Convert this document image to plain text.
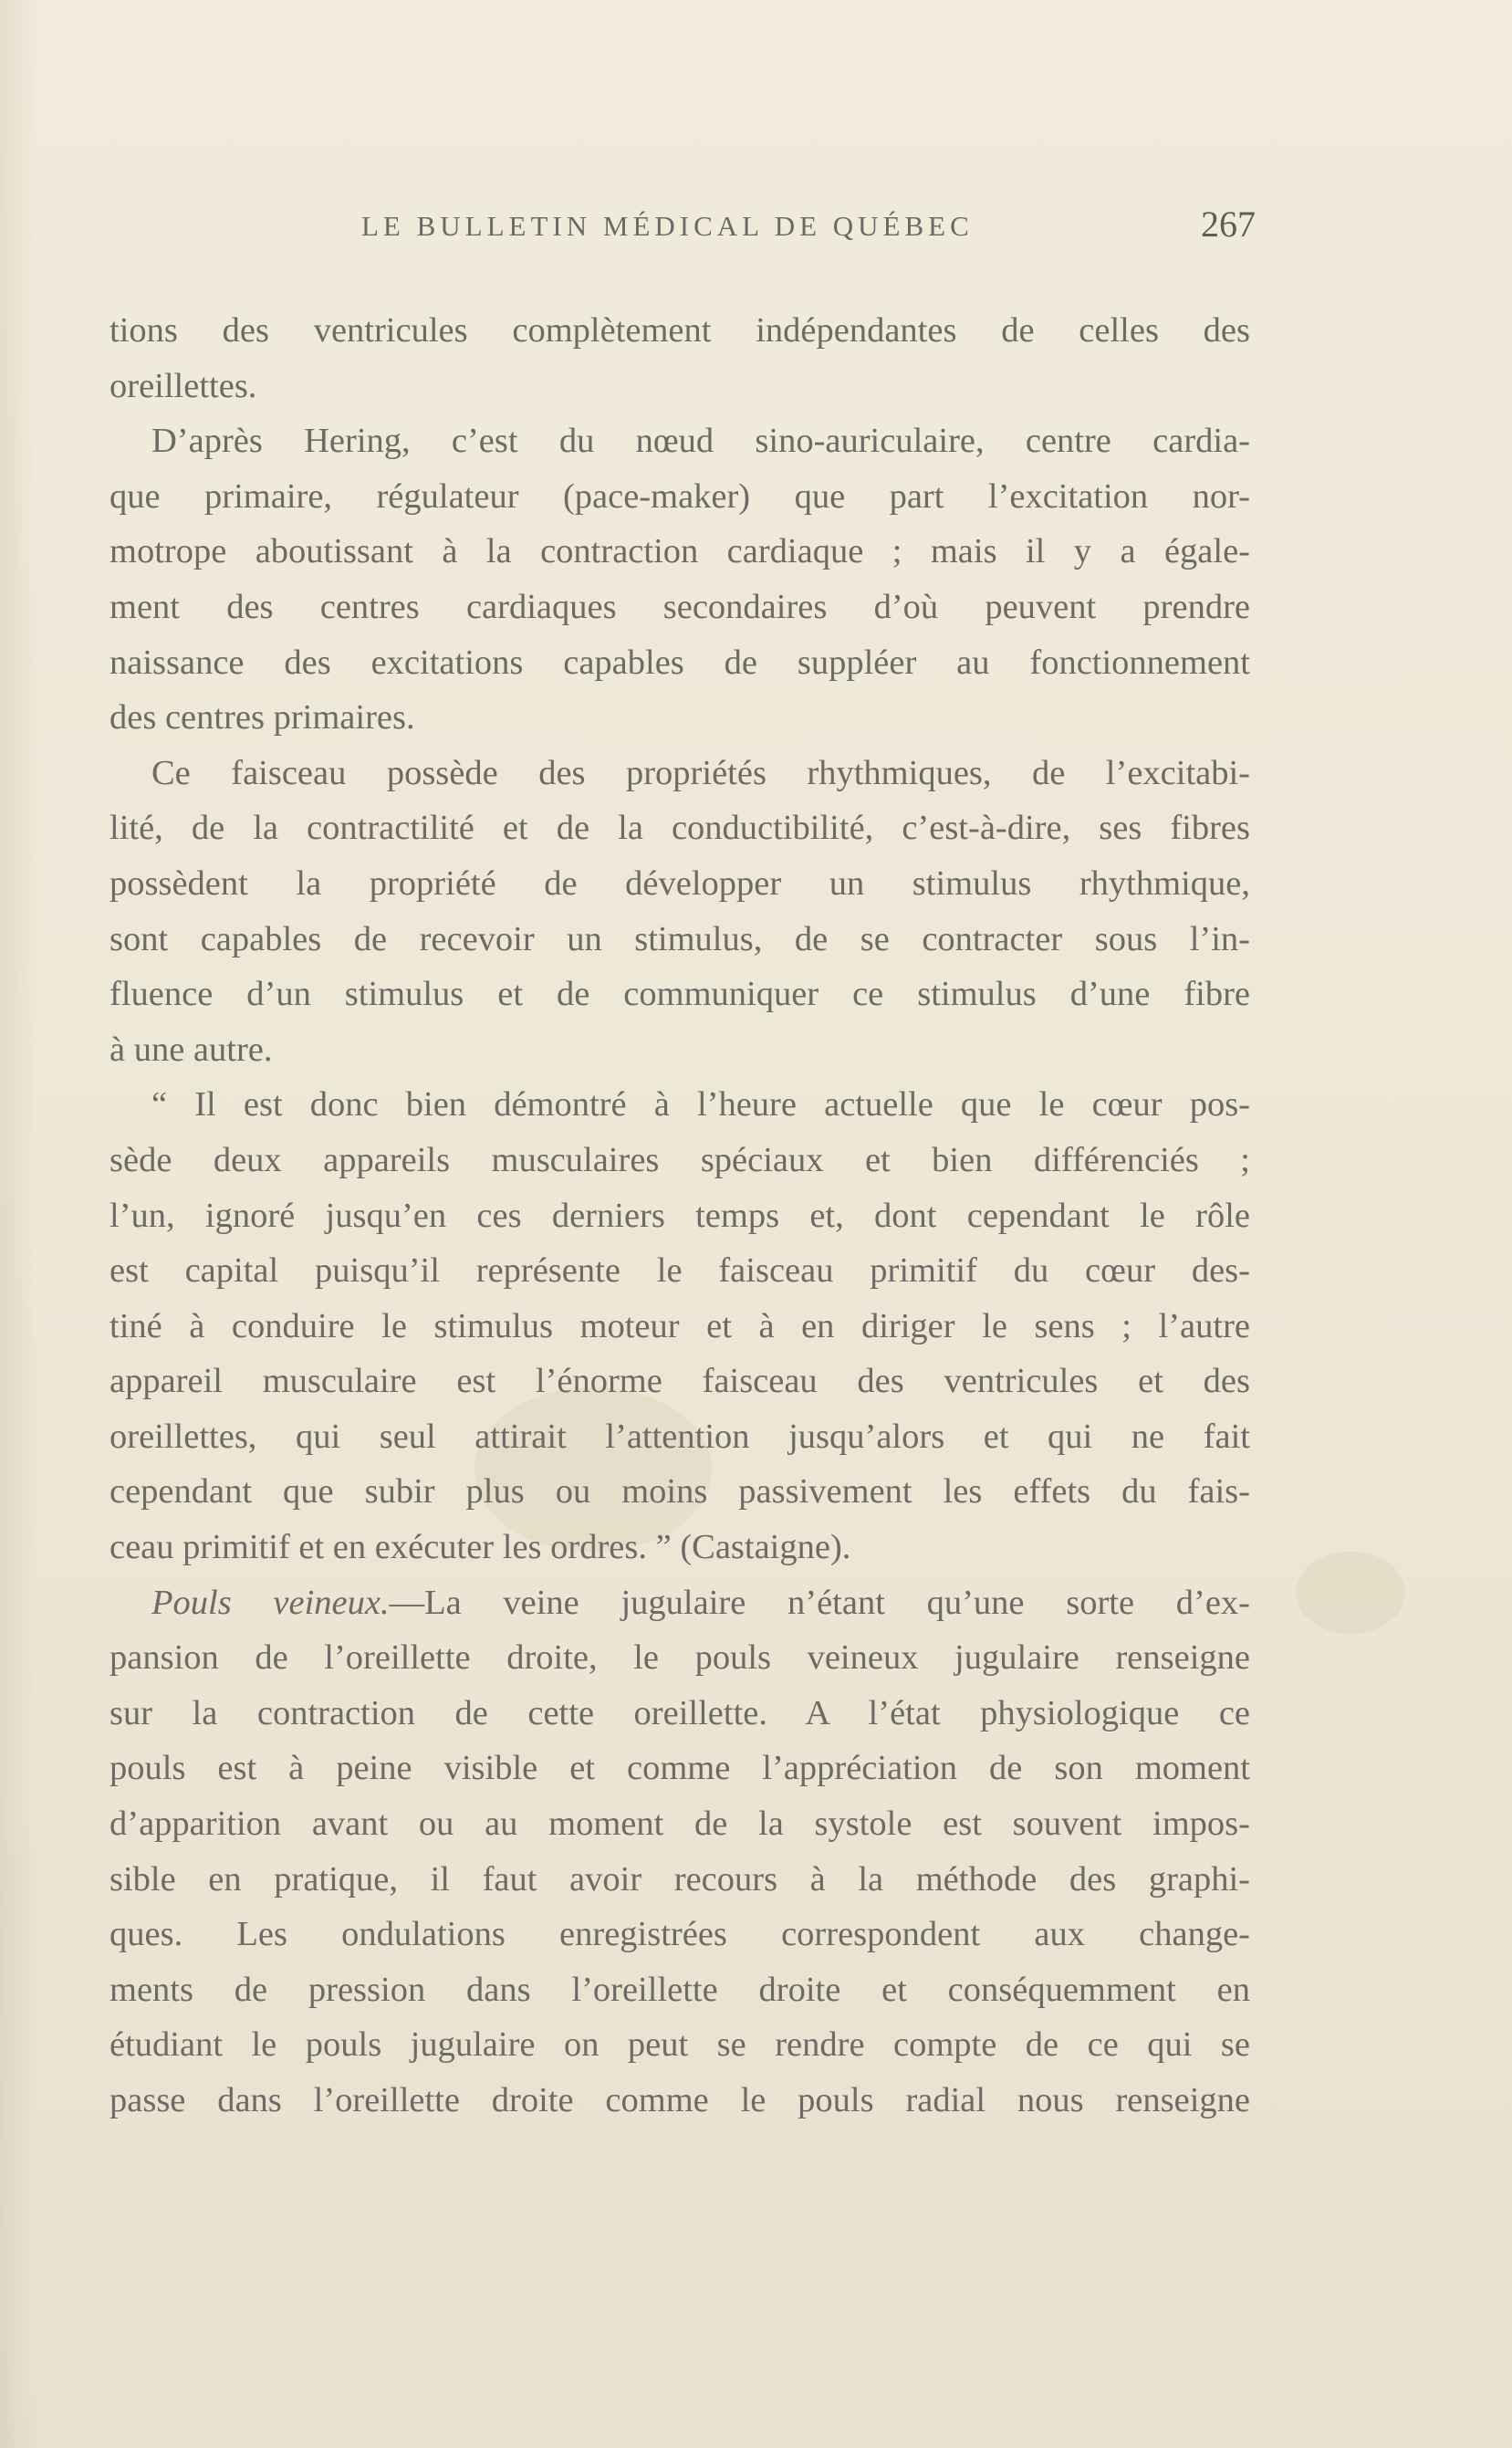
LE BULLETIN MÉDICAL DE QUÉBEC	267
tions des ventricules complètement indépendantes de celles des
oreillettes.
D’après Hering, c’est du nœud sino-auriculaire, centre cardia-
que primaire, régulateur (pace-maker) que part l’excitation nor-
motrope aboutissant à la contraction cardiaque ; mais il y a égale-
ment des centres cardiaques secondaires d’où peuvent prendre
naissance des excitations capables de suppléer au fonctionnement
des centres primaires.
Ce faisceau possède des propriétés rhythmiques, de l’excitabi-
lité, de la contractilité et de la conductibilité, c’est-à-dire, ses fibres
possèdent la propriété de développer un stimulus rhythmique,
sont capables de recevoir un stimulus, de se contracter sous l’in-
fluence d’un stimulus et de communiquer ce stimulus d’une fibre
à une autre.
“ Il est donc bien démontré à l’heure actuelle que le cœur pos-
sède deux appareils musculaires spéciaux et bien différenciés ;
l’un, ignoré jusqu’en ces derniers temps et, dont cependant le rôle
est capital puisqu’il représente le faisceau primitif du cœur des-
tiné à conduire le stimulus moteur et à en diriger le sens ; l’autre
appareil musculaire est l’énorme faisceau des ventricules et des
oreillettes, qui seul attirait l’attention jusqu’alors et qui ne fait
cependant que subir plus ou moins passivement les effets du fais-
ceau primitif et en exécuter les ordres. ” (Castaigne).
Pouls veineux.—La veine jugulaire n’étant qu’une sorte d’ex-
pansion de l’oreillette droite, le pouls veineux jugulaire renseigne
sur la contraction de cette oreillette. A l’état physiologique ce
pouls est à peine visible et comme l’appréciation de son moment
d’apparition avant ou au moment de la systole est souvent impos-
sible en pratique, il faut avoir recours à la méthode des graphi-
ques. Les ondulations enregistrées correspondent aux change-
ments de pression dans l’oreillette droite et conséquemment en
étudiant le pouls jugulaire on peut se rendre compte de ce qui se
passe dans l’oreillette droite comme le pouls radial nous renseigne
